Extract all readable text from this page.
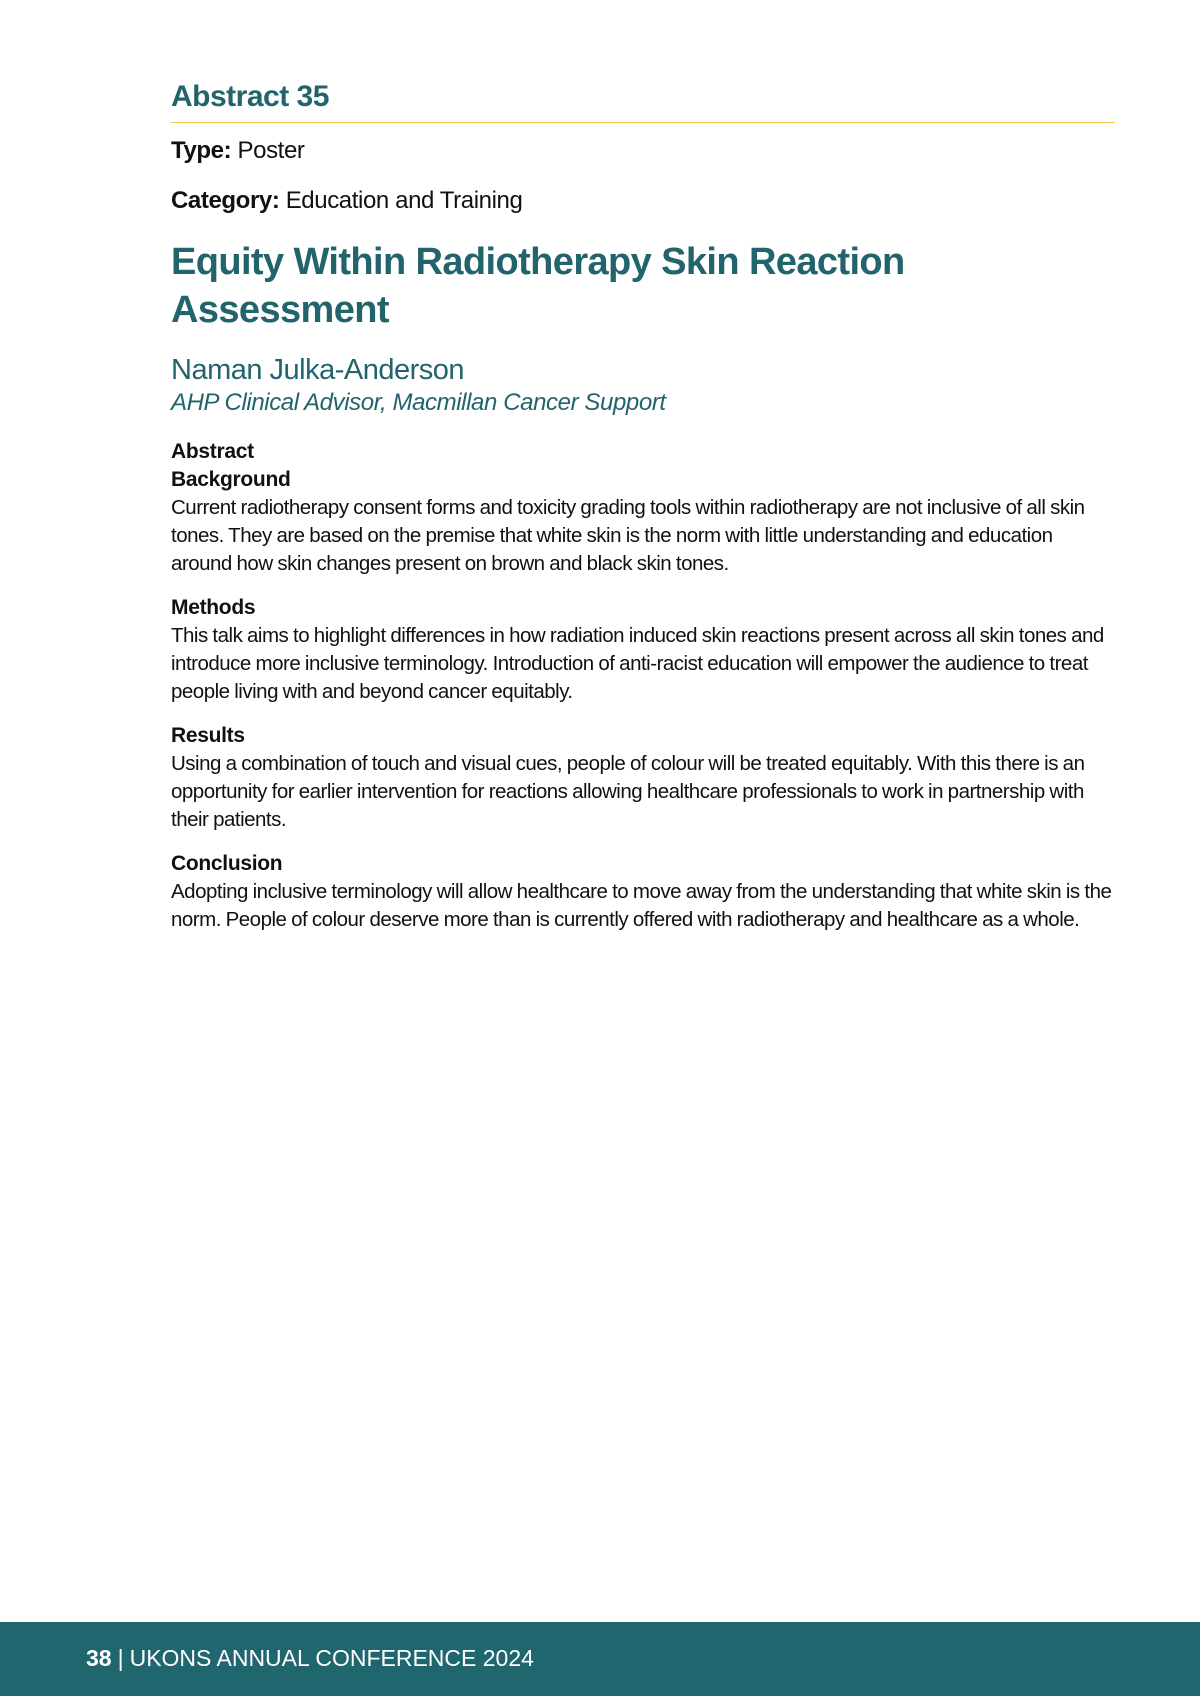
Abstract 35

Type: Poster

Category: Education and Training

Equity Within Radiotherapy Skin Reaction Assessment

Naman Julka-Anderson

AHP Clinical Advisor, Macmillan Cancer Support

Abstract

Background

Current radiotherapy consent forms and toxicity grading tools within radiotherapy are not inclusive of all skin tones. They are based on the premise that white skin is the norm with little understanding and education around how skin changes present on brown and black skin tones.

Methods

This talk aims to highlight differences in how radiation induced skin reactions present across all skin tones and introduce more inclusive terminology. Introduction of anti-racist education will empower the audience to treat people living with and beyond cancer equitably.

Results

Using a combination of touch and visual cues, people of colour will be treated equitably. With this there is an opportunity for earlier intervention for reactions allowing healthcare professionals to work in partnership with their patients.

Conclusion

Adopting inclusive terminology will allow healthcare to move away from the understanding that white skin is the norm. People of colour deserve more than is currently offered with radiotherapy and healthcare as a whole.

38 | UKONS ANNUAL CONFERENCE 2024
